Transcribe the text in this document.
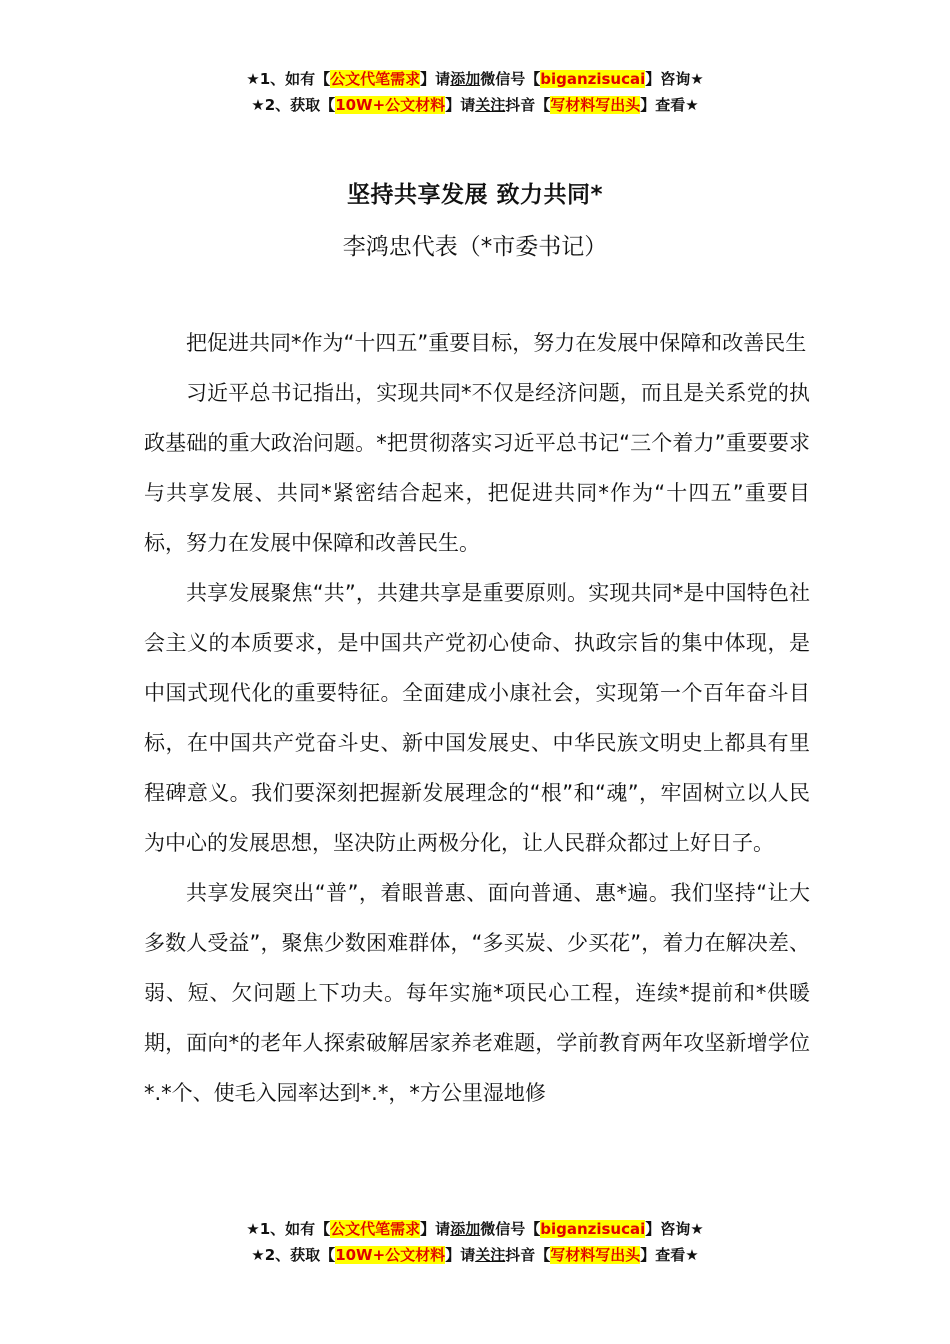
★1、如有【公文代笔需求】请添加微信号【biganzisucai】咨询★
★2、获取【10W+公文材料】请关注抖音【写材料写出头】查看★
坚持共享发展 致力共同*
李鸿忠代表（*市委书记）

把促进共同*作为“十四五”重要目标，努力在发展中保障和改善民生

习近平总书记指出，实现共同*不仅是经济问题，而且是关系党的执政基础的重大政治问题。*把贯彻落实习近平总书记“三个着力”重要要求与共享发展、共同*紧密结合起来，把促进共同*作为“十四五”重要目标，努力在发展中保障和改善民生。

共享发展聚焦“共”，共建共享是重要原则。实现共同*是中国特色社会主义的本质要求，是中国共产党初心使命、执政宗旨的集中体现，是中国式现代化的重要特征。全面建成小康社会，实现第一个百年奋斗目标，在中国共产党奋斗史、新中国发展史、中华民族文明史上都具有里程碑意义。我们要深刻把握新发展理念的“根”和“魂”，牢固树立以人民为中心的发展思想，坚决防止两极分化，让人民群众都过上好日子。

共享发展突出“普”，着眼普惠、面向普通、惠*遍。我们坚持“让大多数人受益”，聚焦少数困难群体，“多买炭、少买花”，着力在解决差、弱、短、欠问题上下功夫。每年实施*项民心工程，连续*提前和*供暖期，面向*的老年人探索破解居家养老难题，学前教育两年攻坚新增学位*.*个、使毛入园率达到*.*，*方公里湿地修

★1、如有【公文代笔需求】请添加微信号【biganzisucai】咨询★
★2、获取【10W+公文材料】请关注抖音【写材料写出头】查看★
